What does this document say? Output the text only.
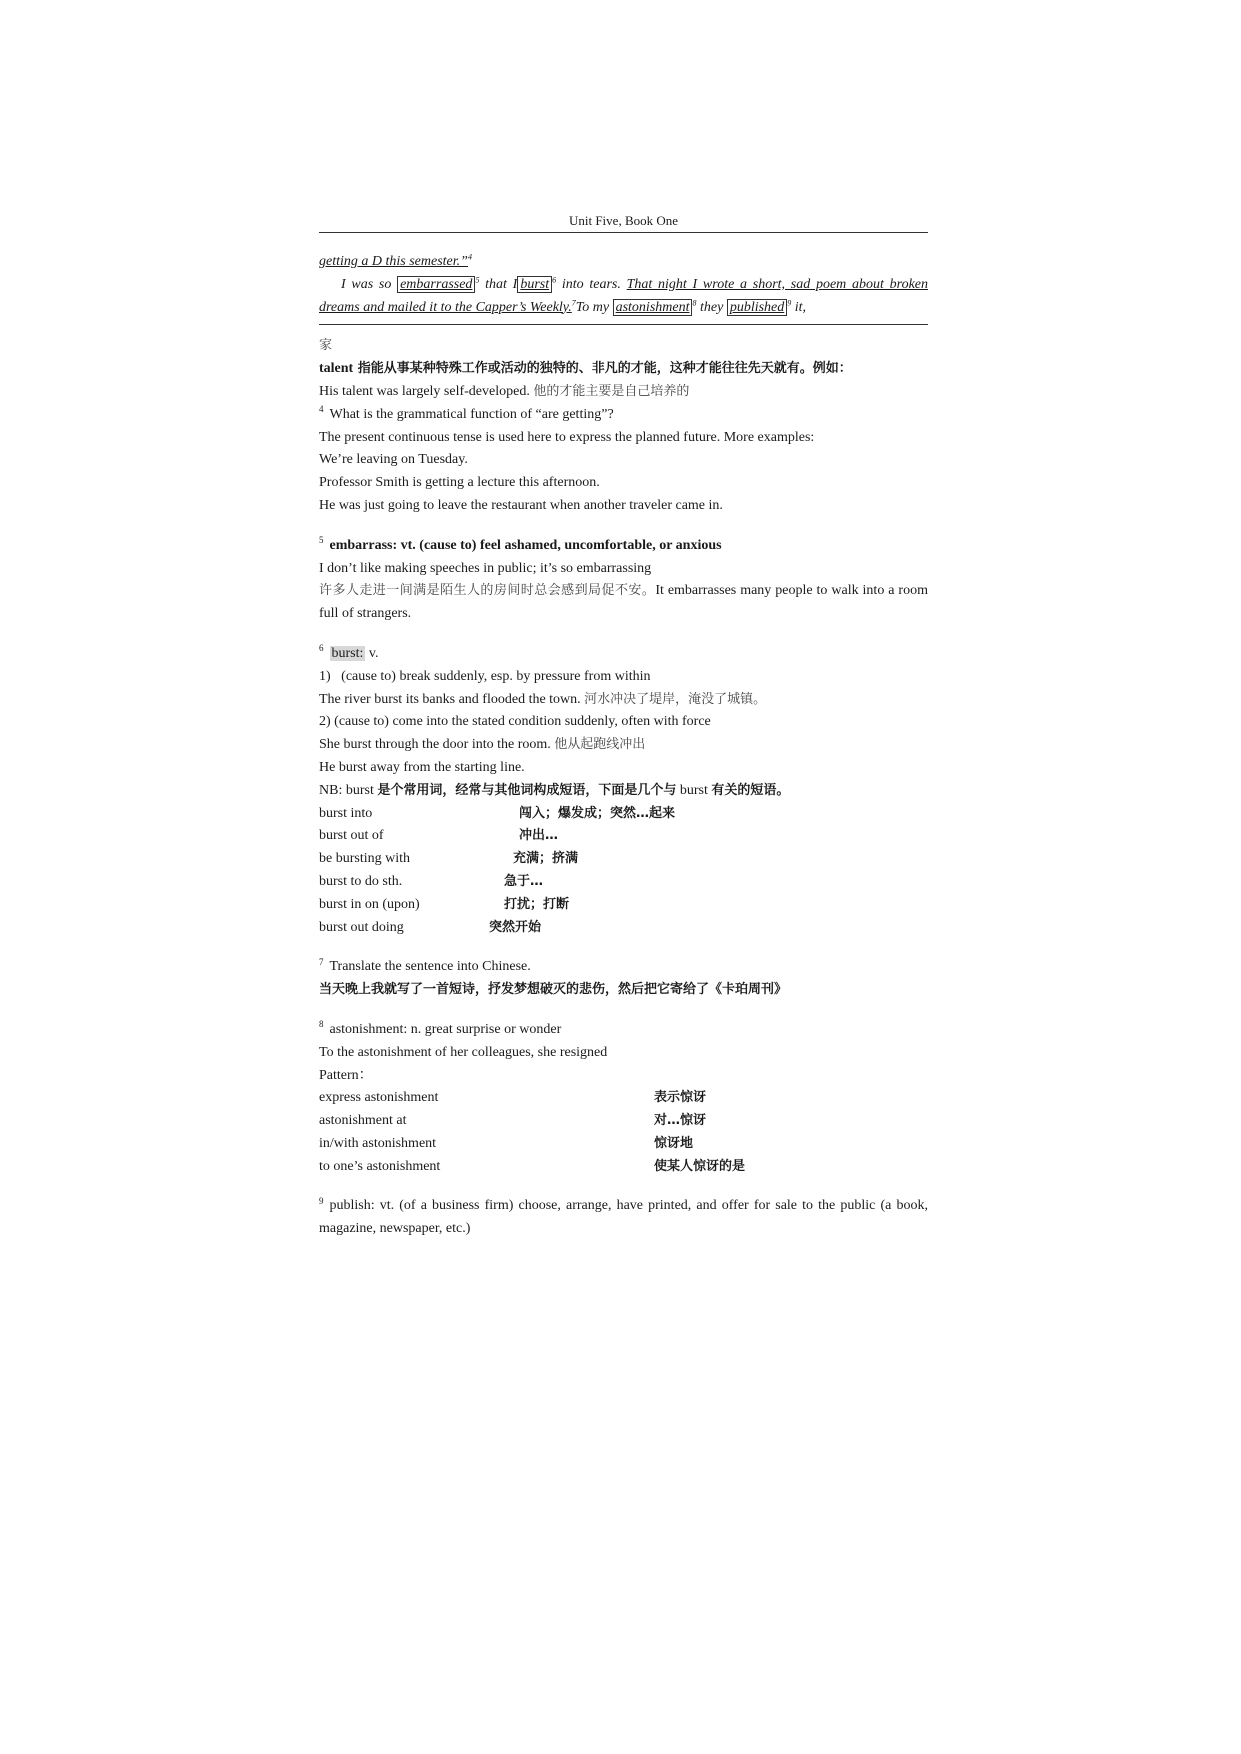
Unit Five, Book One

getting a D this semester.”$^4$

I was so embarrassed $^5$ that I burst $^6$ into tears. That night I wrote a short, sad poem about broken dreams and mailed it to the Capper’s Weekly.$^7$To my astonishment $^8$ they published $^9$ it,

家

talent 指能从事某种特殊工作或活动的独特的、非凡的才能，这种才能往往先天就有。例如：

His talent was largely self-developed. 他的才能主要是自己培养的

$^4$ What is the grammatical function of “are getting”?

The present continuous tense is used here to express the planned future. More examples:

We’re leaving on Tuesday.

Professor Smith is getting a lecture this afternoon.

He was just going to leave the restaurant when another traveler came in.

$^5$ embarrass: vt. (cause to) feel ashamed, uncomfortable, or anxious

I don’t like making speeches in public; it’s so embarrassing

许多人走进一间满是陌生人的房间时总会感到局促不安。It embarrasses many people to walk into a room full of strangers.

$^6$ burst: v.

1)   (cause to) break suddenly, esp. by pressure from within

The river burst its banks and flooded the town. 河水冲决了堤岸，淹没了城镇。

2) (cause to) come into the stated condition suddenly, often with force

She burst through the door into the room. 他从起跑线冲出

He burst away from the starting line.

NB: burst 是个常用词，经常与其他词构成短语，下面是几个与 burst 有关的短语。

burst into	闯入；爆发成；突然…起来
burst out of	冲出…
be bursting with	充满；挤满
burst to do sth.	急于…
burst in on (upon)	打扰；打断
burst out doing	突然开始

$^7$ Translate the sentence into Chinese.

当天晚上我就写了一首短诗，抒发梦想破灭的悲伤，然后把它寄给了《卡珀周刊》

$^8$ astonishment: n. great surprise or wonder

To the astonishment of her colleagues, she resigned

Pattern：

express astonishment	表示惊讶
astonishment at	对…惊讶
in/with astonishment	惊讶地
to one’s astonishment	使某人惊讶的是

$^9$ publish: vt. (of a business firm) choose, arrange, have printed, and offer for sale to the public (a book, magazine, newspaper, etc.)
